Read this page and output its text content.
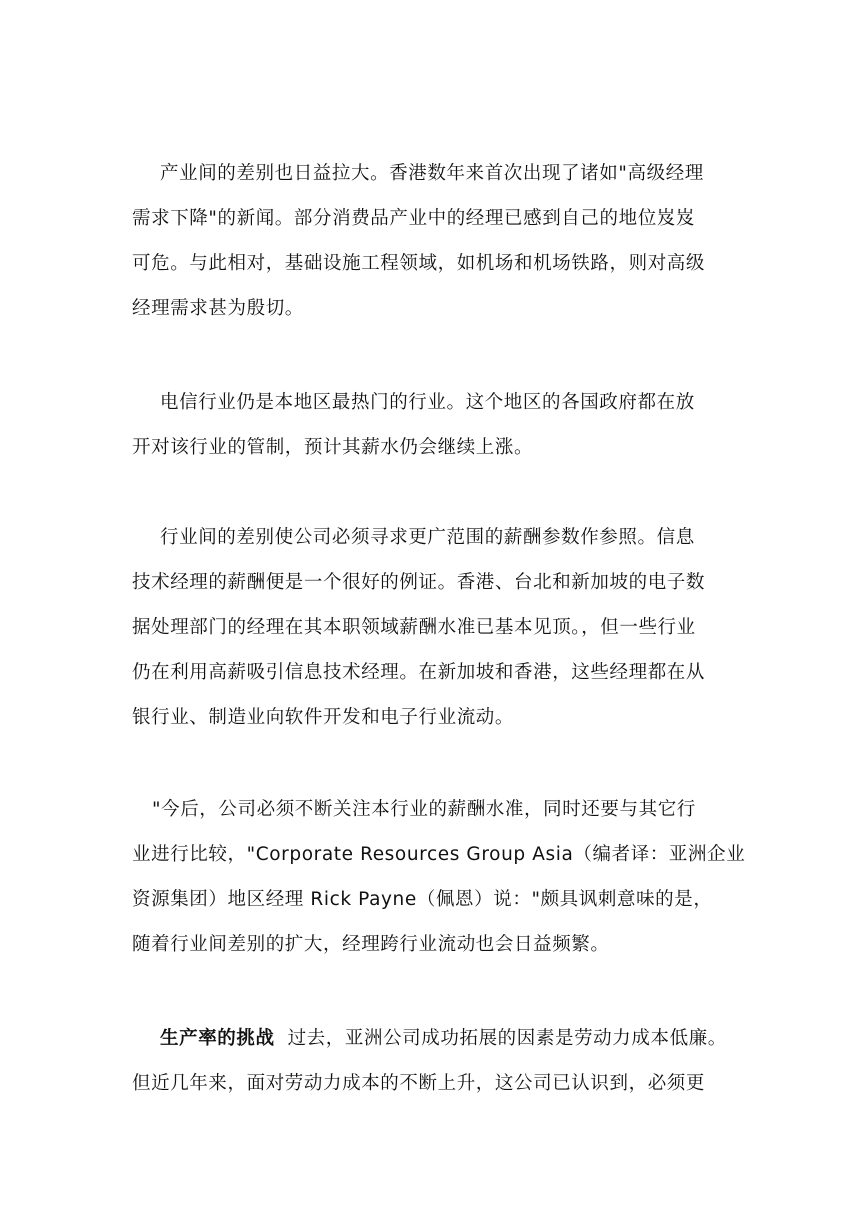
产业间的差别也日益拉大。香港数年来首次出现了诸如"高级经理
需求下降"的新闻。部分消费品产业中的经理已感到自己的地位岌岌
可危。与此相对，基础设施工程领域，如机场和机场铁路，则对高级
经理需求甚为殷切。

电信行业仍是本地区最热门的行业。这个地区的各国政府都在放
开对该行业的管制，预计其薪水仍会继续上涨。

行业间的差别使公司必须寻求更广范围的薪酬参数作参照。信息
技术经理的薪酬便是一个很好的例证。香港、台北和新加坡的电子数
据处理部门的经理在其本职领域薪酬水准已基本见顶。，但一些行业
仍在利用高薪吸引信息技术经理。在新加坡和香港，这些经理都在从
银行业、制造业向软件开发和电子行业流动。

"今后，公司必须不断关注本行业的薪酬水准，同时还要与其它行
业进行比较，"Corporate Resources Group Asia（编者译：亚洲企业
资源集团）地区经理 Rick Payne（佩恩）说："颇具讽刺意味的是，
随着行业间差别的扩大，经理跨行业流动也会日益频繁。

生产率的挑战 过去，亚洲公司成功拓展的因素是劳动力成本低廉。
但近几年来，面对劳动力成本的不断上升，这公司已认识到，必须更
